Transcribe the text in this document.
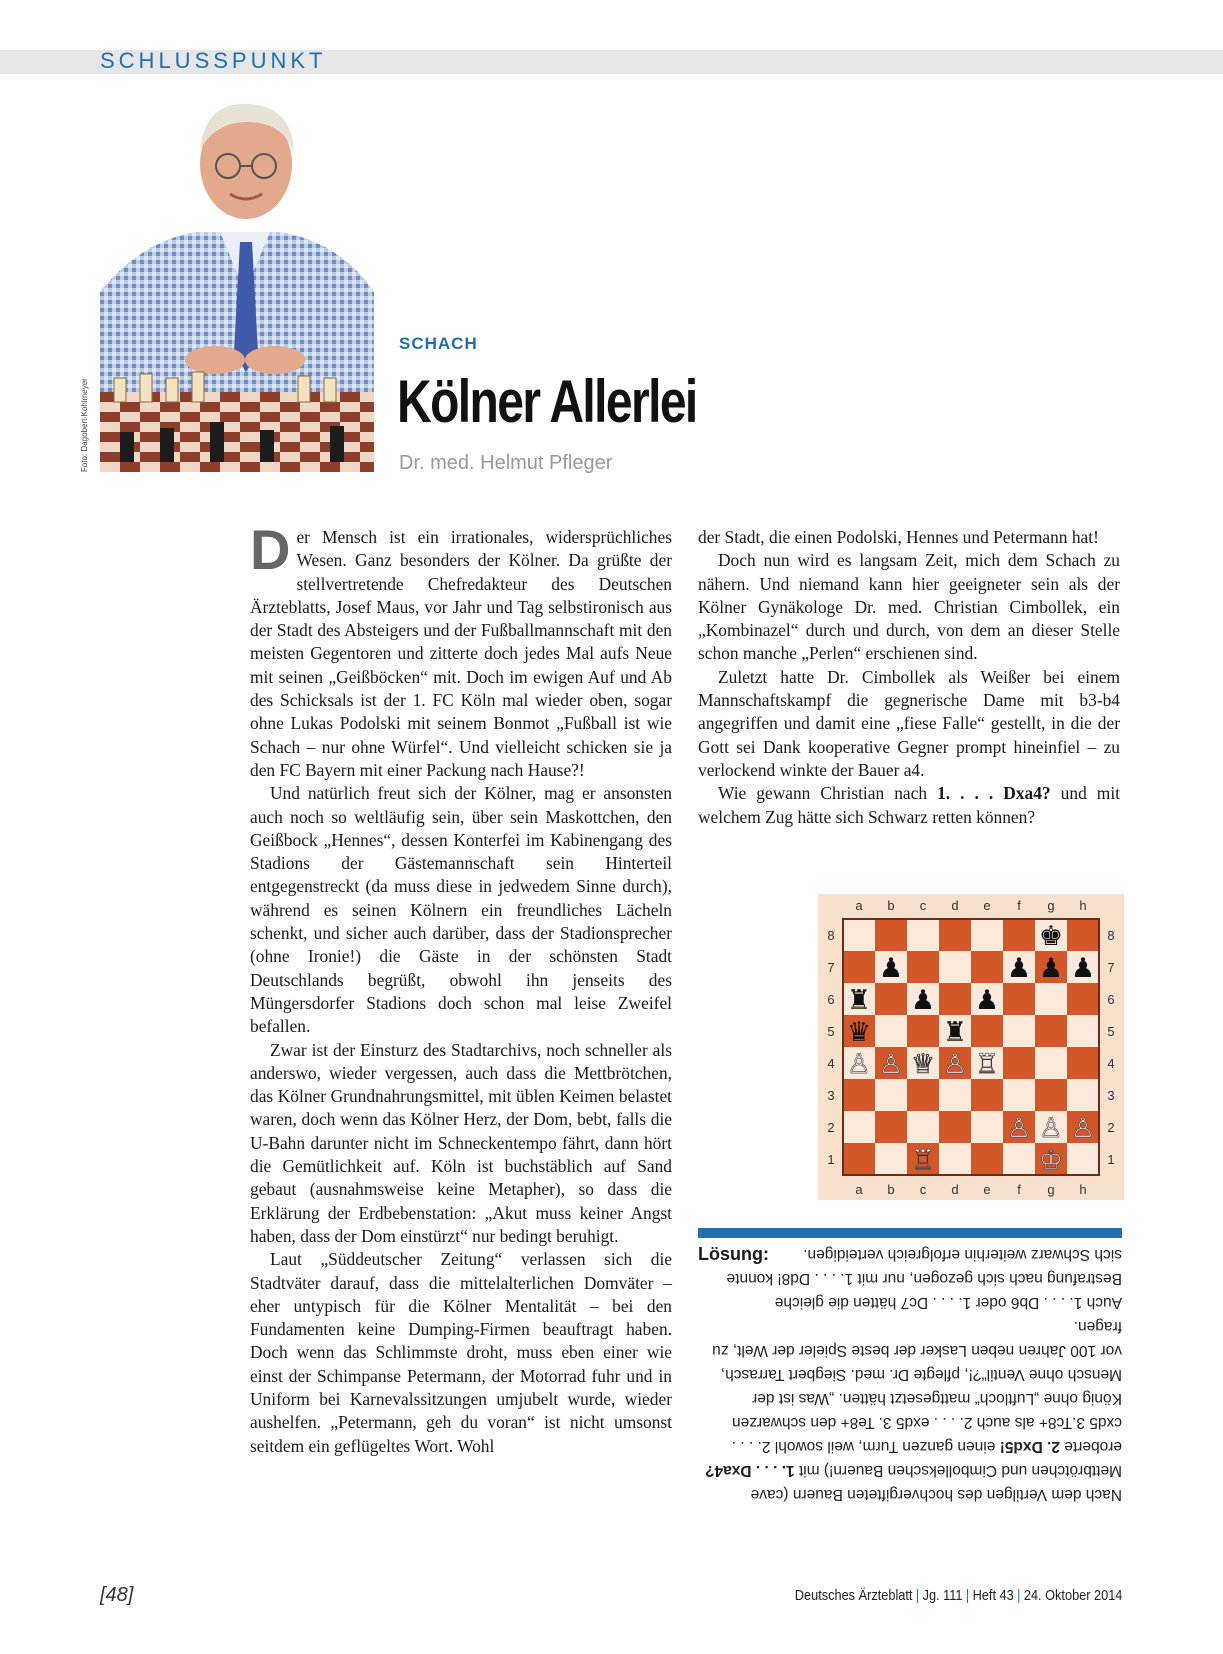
SCHLUSSPUNKT
Foto: Dagobert Kohlmeyer
SCHACH
Kölner Allerlei
Dr. med. Helmut Pfleger

Der Mensch ist ein irrationales, widersprüchliches Wesen. Ganz besonders der Kölner. Da grüßte der stellvertretende Chefredakteur des Deutschen Ärzteblatts, Josef Maus, vor Jahr und Tag selbstironisch aus der Stadt des Absteigers und der Fußballmannschaft mit den meisten Gegentoren und zitterte doch jedes Mal aufs Neue mit seinen „Geißböcken“ mit. Doch im ewigen Auf und Ab des Schicksals ist der 1. FC Köln mal wieder oben, sogar ohne Lukas Podolski mit seinem Bonmot „Fußball ist wie Schach – nur ohne Würfel“. Und vielleicht schicken sie ja den FC Bayern mit einer Packung nach Hause?!

Und natürlich freut sich der Kölner, mag er ansonsten auch noch so weltläufig sein, über sein Maskottchen, den Geißbock „Hennes“, dessen Konterfei im Kabinengang des Stadions der Gästemannschaft sein Hinterteil entgegenstreckt (da muss diese in jedwedem Sinne durch), während es seinen Kölnern ein freundliches Lächeln schenkt, und sicher auch darüber, dass der Stadionsprecher (ohne Ironie!) die Gäste in der schönsten Stadt Deutschlands begrüßt, obwohl ihn jenseits des Müngersdorfer Stadions doch schon mal leise Zweifel befallen.

Zwar ist der Einsturz des Stadtarchivs, noch schneller als anderswo, wieder vergessen, auch dass die Mettbrötchen, das Kölner Grundnahrungsmittel, mit üblen Keimen belastet waren, doch wenn das Kölner Herz, der Dom, bebt, falls die U-Bahn darunter nicht im Schneckentempo fährt, dann hört die Gemütlichkeit auf. Köln ist buchstäblich auf Sand gebaut (ausnahmsweise keine Metapher), so dass die Erklärung der Erdbebenstation: „Akut muss keiner Angst haben, dass der Dom einstürzt“ nur bedingt beruhigt.

Laut „Süddeutscher Zeitung“ verlassen sich die Stadtväter darauf, dass die mittelalterlichen Domväter – eher untypisch für die Kölner Mentalität – bei den Fundamenten keine Dumping-Firmen beauftragt haben. Doch wenn das Schlimmste droht, muss eben einer wie einst der Schimpanse Petermann, der Motorrad fuhr und in Uniform bei Karnevalssitzungen umjubelt wurde, wieder aushelfen. „Petermann, geh du voran“ ist nicht umsonst seitdem ein geflügeltes Wort. Wohl

der Stadt, die einen Podolski, Hennes und Petermann hat!

Doch nun wird es langsam Zeit, mich dem Schach zu nähern. Und niemand kann hier geeigneter sein als der Kölner Gynäkologe Dr. med. Christian Cimbollek, ein „Kombinazel“ durch und durch, von dem an dieser Stelle schon manche „Perlen“ erschienen sind.

Zuletzt hatte Dr. Cimbollek als Weißer bei einem Mannschaftskampf die gegnerische Dame mit b3-b4 angegriffen und damit eine „fiese Falle“ gestellt, in die der Gott sei Dank kooperative Gegner prompt hineinfiel – zu verlockend winkte der Bauer a4.

Wie gewann Christian nach 1. . . . Dxa4? und mit welchem Zug hätte sich Schwarz retten können?

a
a
b
b
c
c
d
d
e
e
f
f
g
g
h
h
8	8
7	7
6	6
5	5
4	4
3	3
2	2
1	1
♚
♟	♟ ♟ ♟
♜ ♟ ♟
♛	♜
♙ ♙ ♕ ♙ ♖
♙ ♙ ♙
♖	♔
Lösung:

Nach dem Vertilgen des hochvergifteten Bauern (cave Mettbrötchen und Cimbollekschen Bauern!) mit 1. . . . Dxa4? eroberte 2. Dxd5! einen ganzen Turm, weil sowohl 2. . . . cxd5 3.Tc8+ als auch 2. . . . exd5 3. Te8+ den schwarzen König ohne „Luftloch“ mattgesetzt hätten. „Was ist der Mensch ohne Ventil“?!, pflegte Dr. med. Siegbert Tarrasch, vor 100 Jahren neben Lasker der beste Spieler der Welt, zu fragen.

Auch 1. . . . Db6 oder 1. . . . Dc7 hätten die gleiche Bestrafung nach sich gezogen, nur mit 1. . . . Dd8! konnte sich Schwarz weiterhin erfolgreich verteidigen.

[48]	Deutsches Ärzteblatt | Jg. 111 | Heft 43 | 24. Oktober 2014
